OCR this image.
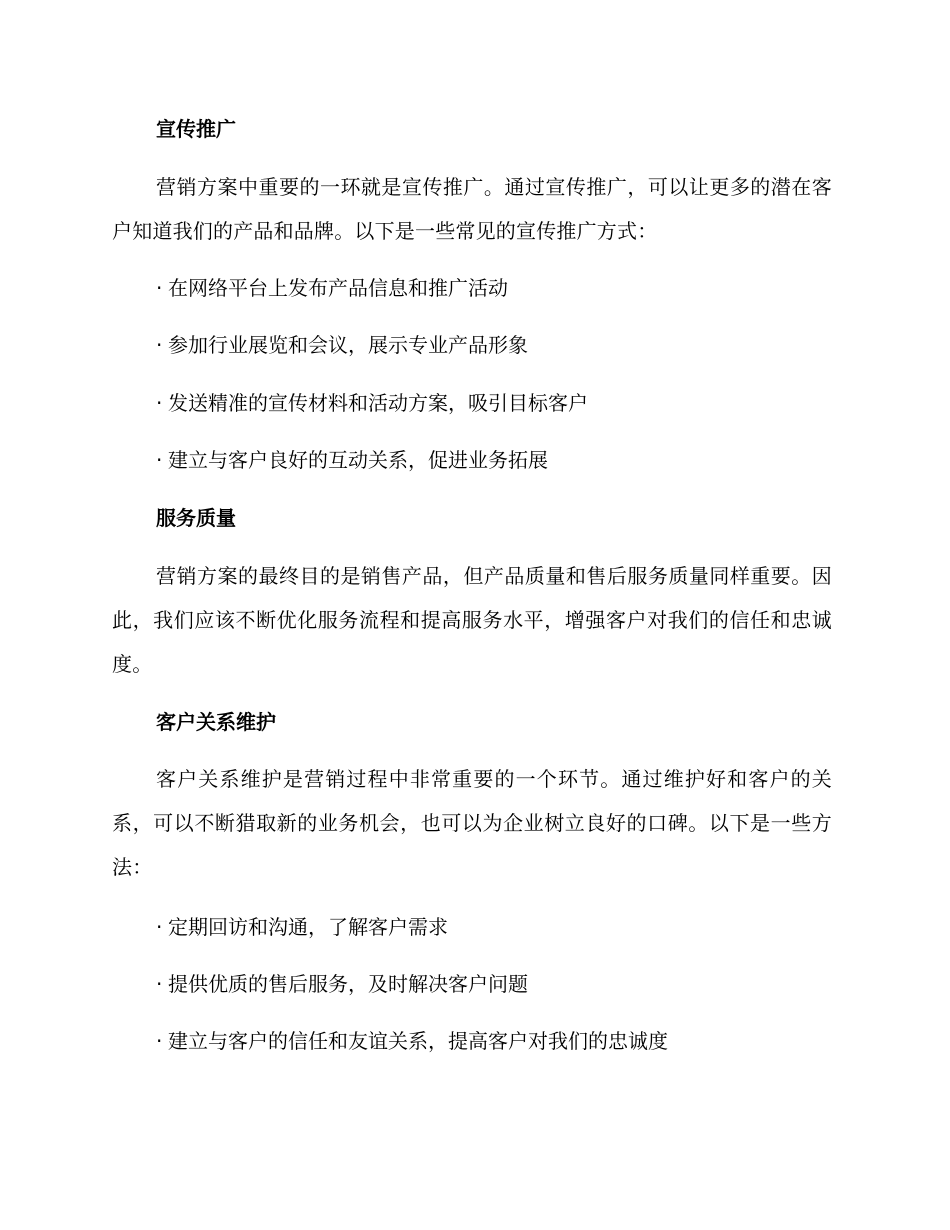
宣传推广

营销方案中重要的一环就是宣传推广。通过宣传推广，可以让更多的潜在客户知道我们的产品和品牌。以下是一些常见的宣传推广方式：

· 在网络平台上发布产品信息和推广活动
· 参加行业展览和会议，展示专业产品形象
· 发送精准的宣传材料和活动方案，吸引目标客户
· 建立与客户良好的互动关系，促进业务拓展

服务质量

营销方案的最终目的是销售产品，但产品质量和售后服务质量同样重要。因此，我们应该不断优化服务流程和提高服务水平，增强客户对我们的信任和忠诚度。

客户关系维护

客户关系维护是营销过程中非常重要的一个环节。通过维护好和客户的关系，可以不断猎取新的业务机会，也可以为企业树立良好的口碑。以下是一些方法：

· 定期回访和沟通，了解客户需求
· 提供优质的售后服务，及时解决客户问题
· 建立与客户的信任和友谊关系，提高客户对我们的忠诚度
